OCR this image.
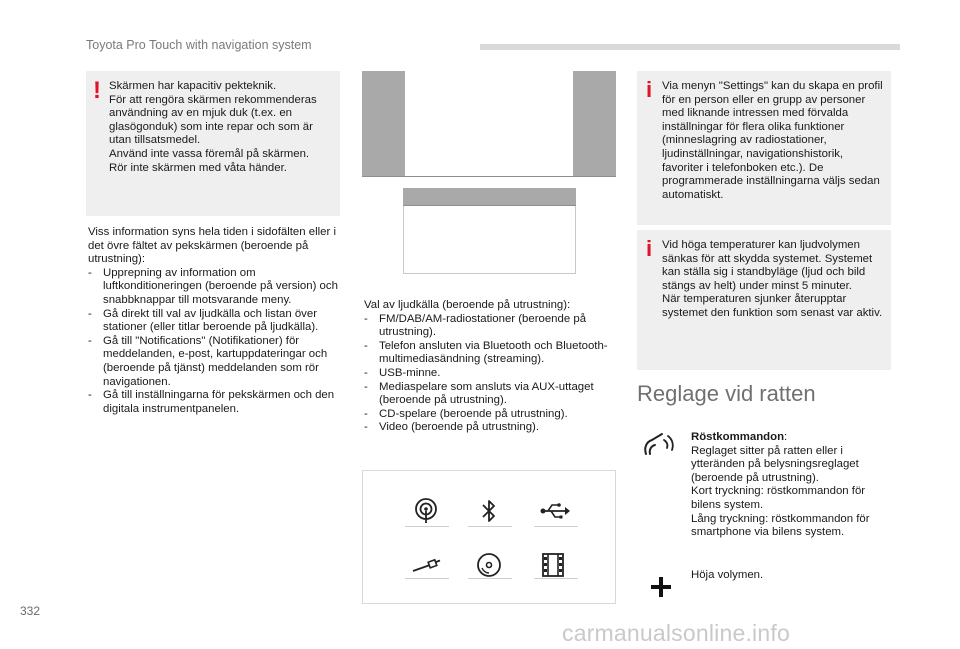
Toyota Pro Touch with navigation system
! Skärmen har kapacitiv pekteknik.
För att rengöra skärmen rekommenderas användning av en mjuk duk (t.ex. en glasögonduk) som inte repar och som är utan tillsatsmedel.
Använd inte vassa föremål på skärmen.
Rör inte skärmen med våta händer.

Viss information syns hela tiden i sidofälten eller i det övre fältet av pekskärmen (beroende på utrustning):

- Upprepning av information om luftkonditioneringen (beroende på version) och snabbknappar till motsvarande meny.
- Gå direkt till val av ljudkälla och listan över stationer (eller titlar beroende på ljudkälla).
- Gå till "Notifications" (Notifikationer) för meddelanden, e-post, kartuppdateringar och (beroende på tjänst) meddelanden som rör navigationen.
- Gå till inställningarna för pekskärmen och den digitala instrumentpanelen.

Val av ljudkälla (beroende på utrustning):

- FM/DAB/AM-radiostationer (beroende på utrustning).
- Telefon ansluten via Bluetooth och Bluetooth-multimediasändning (streaming).
- USB-minne.
- Mediaspelare som ansluts via AUX-uttaget (beroende på utrustning).
- CD-spelare (beroende på utrustning).
- Video (beroende på utrustning).
i Via menyn "Settings" kan du skapa en profil för en person eller en grupp av personer med liknande intressen med förvalda inställningar för flera olika funktioner (minneslagring av radiostationer, ljudinställningar, navigationshistorik, favoriter i telefonboken etc.). De programmerade inställningarna väljs sedan automatiskt.
i Vid höga temperaturer kan ljudvolymen sänkas för att skydda systemet. Systemet kan ställa sig i standbyläge (ljud och bild stängs av helt) under minst 5 minuter.
När temperaturen sjunker återupptar systemet den funktion som senast var aktiv.
Reglage vid ratten
Röstkommandon:
Reglaget sitter på ratten eller i ytteränden på belysningsreglaget (beroende på utrustning).
Kort tryckning: röstkommandon för bilens system.
Lång tryckning: röstkommandon för smartphone via bilens system.
Höja volymen.
332
carmanualsonline.info
